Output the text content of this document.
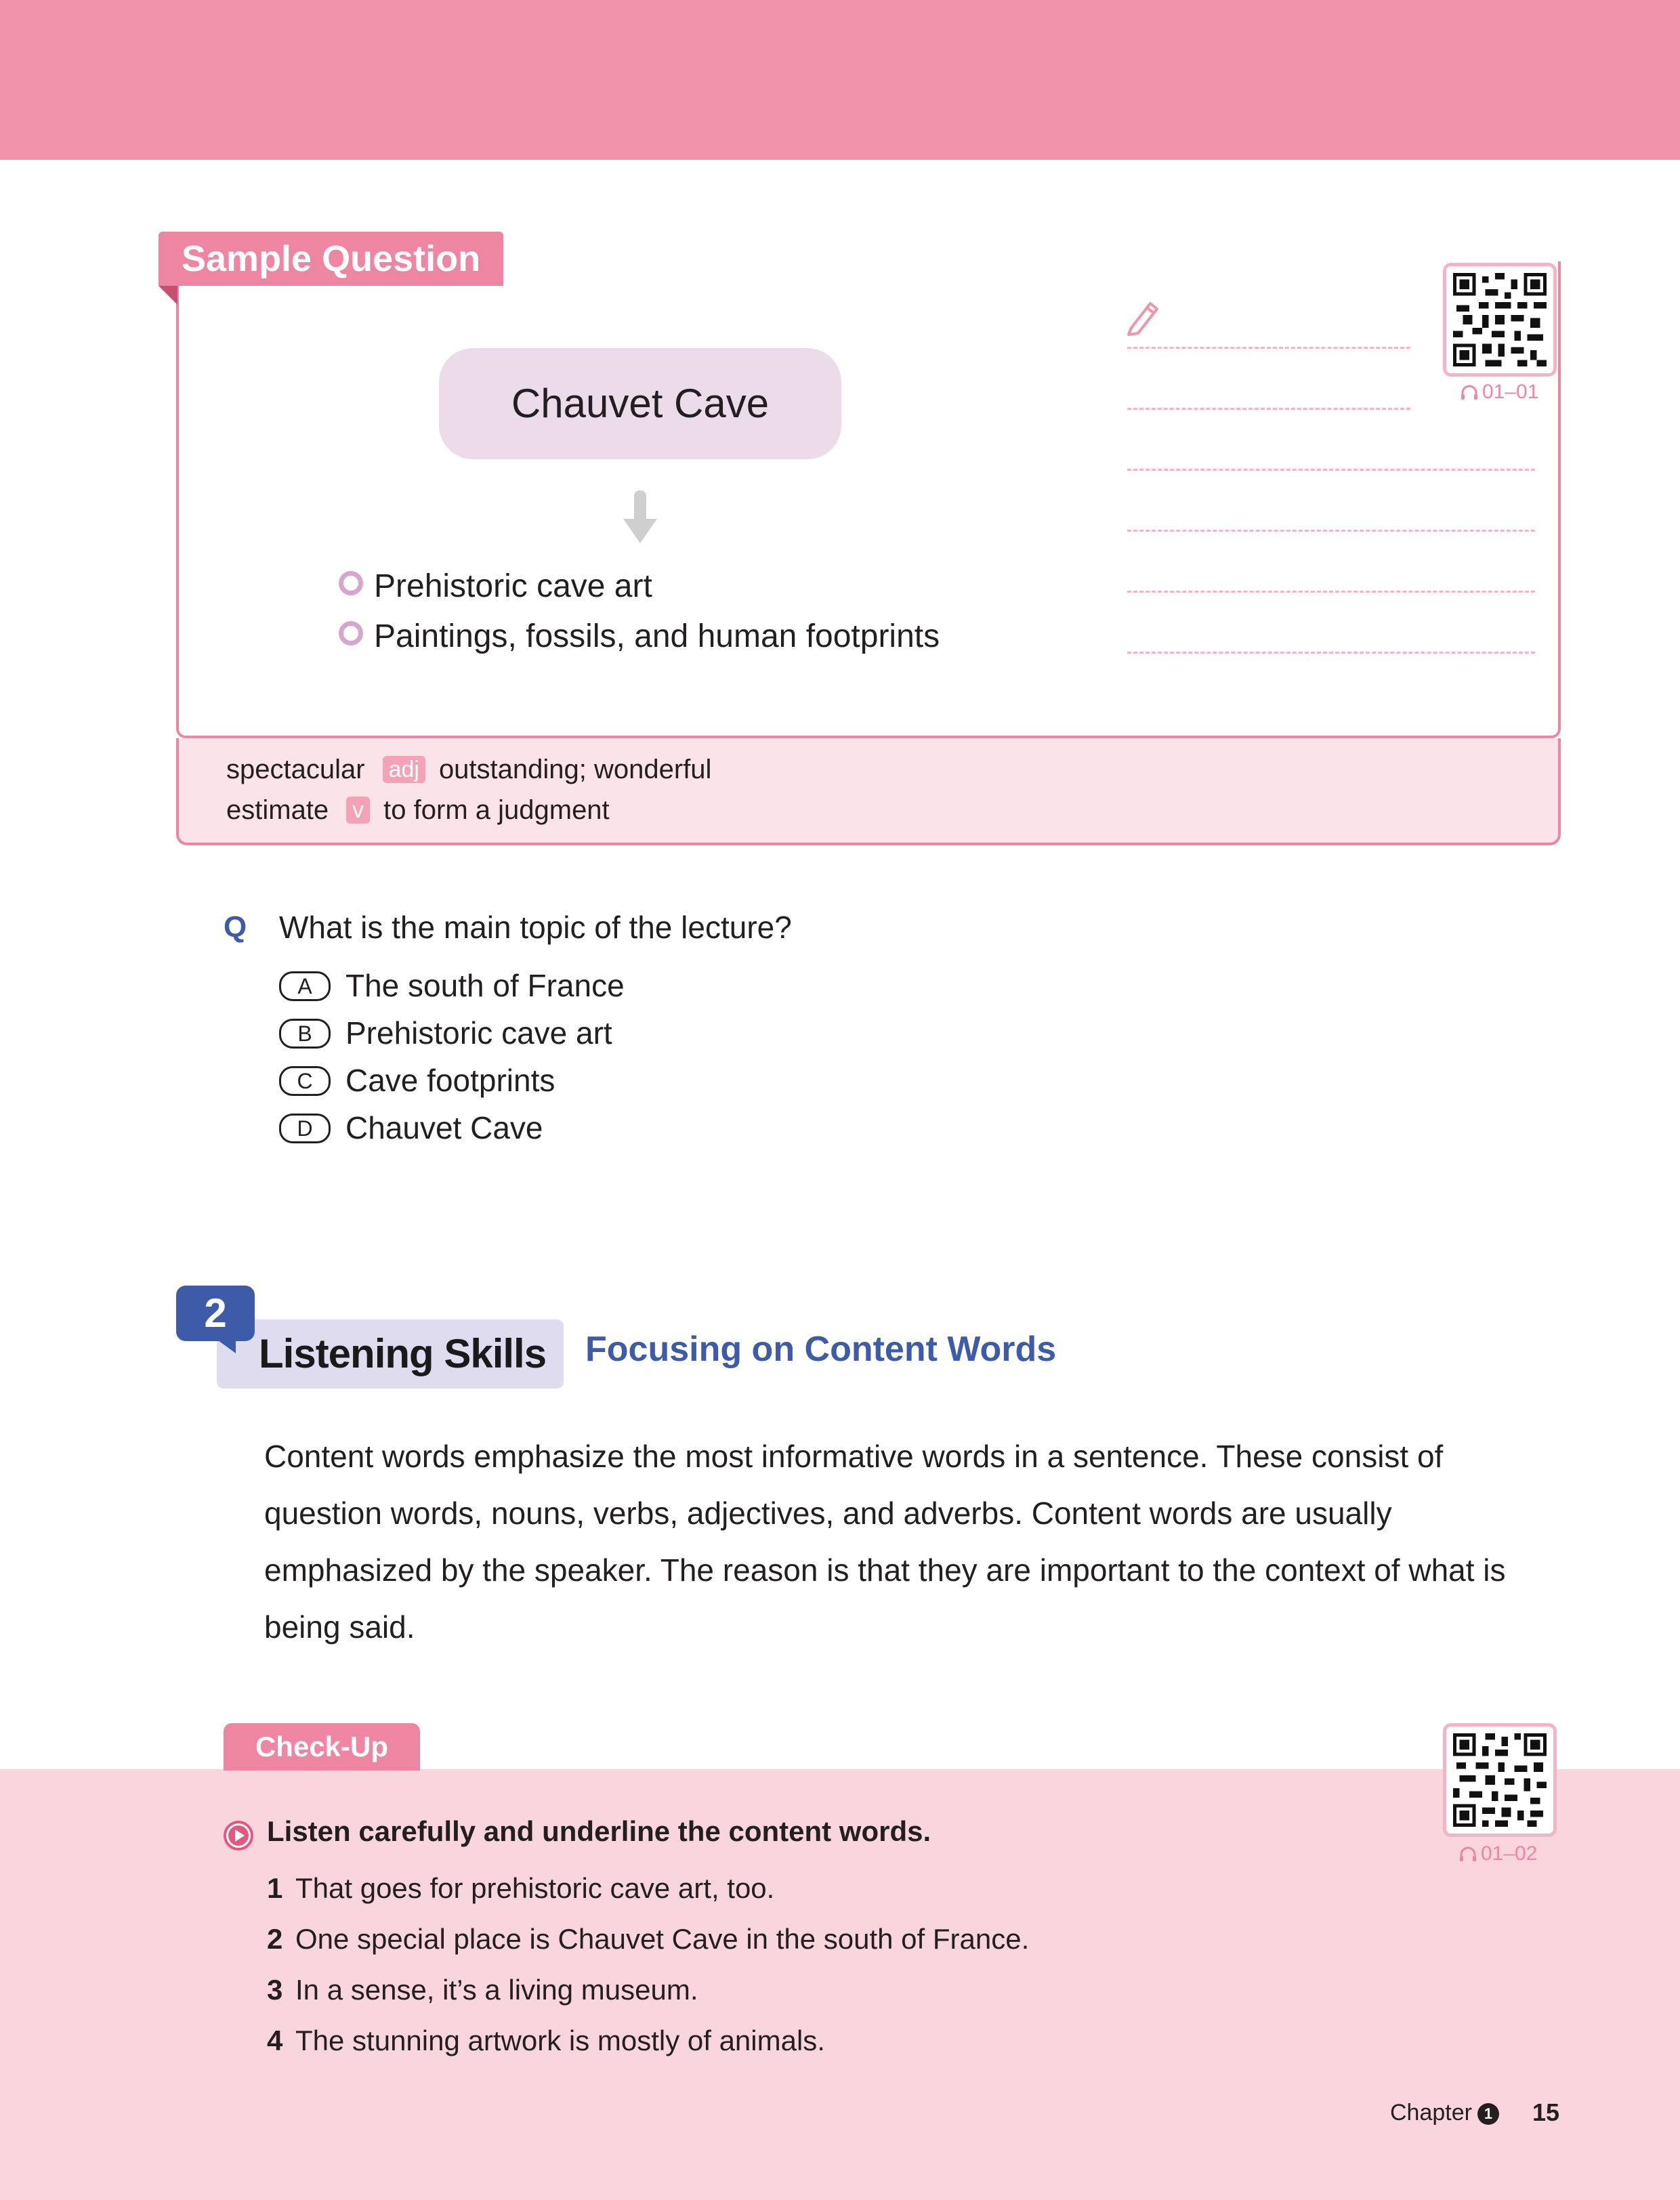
Sample Question
Chauvet Cave
Prehistoric cave art
Paintings, fossils, and human footprints
01–01
spectacular adj outstanding; wonderful
estimate v to form a judgment
Q What is the main topic of the lecture?
A The south of France
B Prehistoric cave art
C Cave footprints
D Chauvet Cave
Listening Skills
2
Focusing on Content Words
Content words emphasize the most informative words in a sentence. These consist of question words, nouns, verbs, adjectives, and adverbs. Content words are usually emphasized by the speaker. The reason is that they are important to the context of what is being said.
Check-Up
01–02
Listen carefully and underline the content words.
1 That goes for prehistoric cave art, too.
2 One special place is Chauvet Cave in the south of France.
3 In a sense, it’s a living museum.
4 The stunning artwork is mostly of animals.
Chapter 1	15
